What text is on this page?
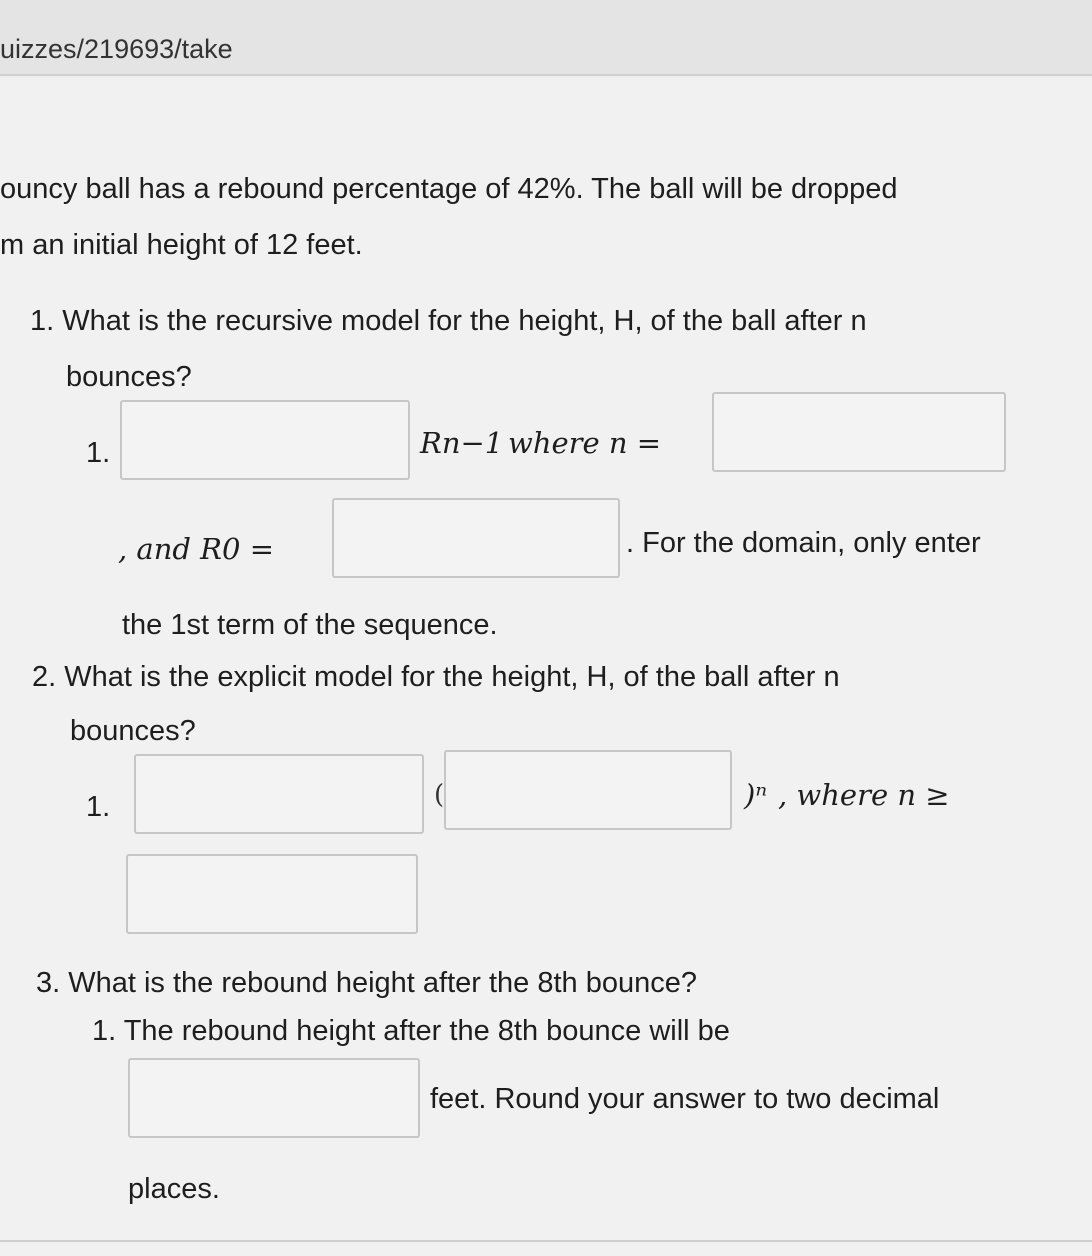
uizzes/219693/take
ouncy ball has a rebound percentage of 42%. The ball will be dropped
m an initial height of 12 feet.
1. What is the recursive model for the height, H, of the ball after n
bounces?
1.	Rn−1 where n =
, and R0 =	. For the domain, only enter
the 1st term of the sequence.
2. What is the explicit model for the height, H, of the ball after n
bounces?
1.	(	)ⁿ , where n ≥
3. What is the rebound height after the 8th bounce?
1. The rebound height after the 8th bounce will be
feet. Round your answer to two decimal
places.
